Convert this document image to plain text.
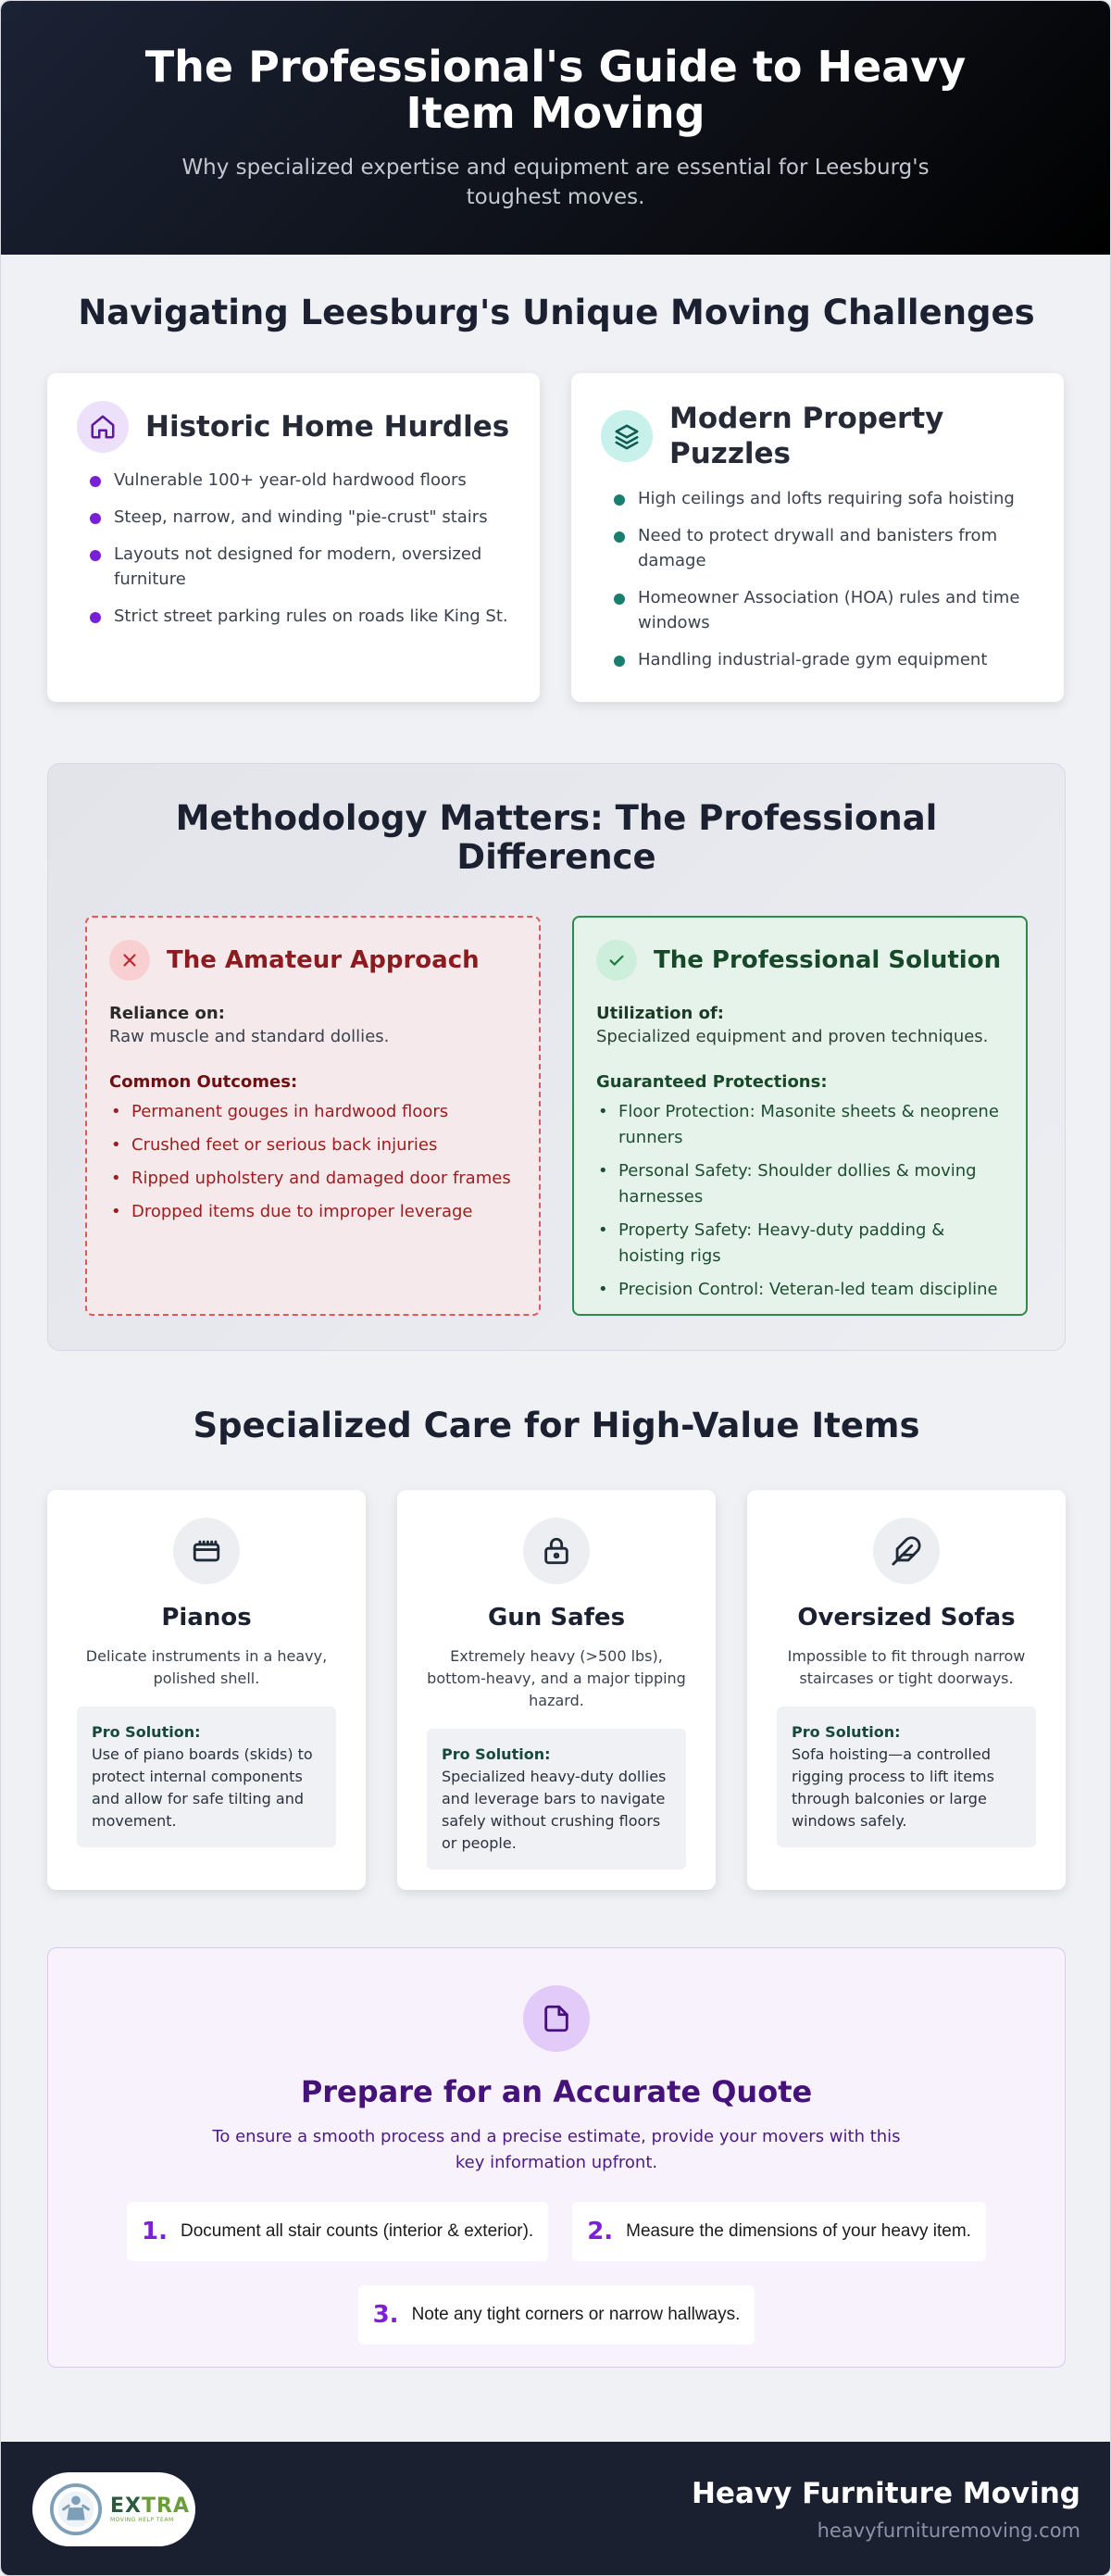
The Professional's Guide to Heavy Item Moving

Why specialized expertise and equipment are essential for Leesburg's toughest moves.

Navigating Leesburg's Unique Moving Challenges
Historic Home Hurdles
Vulnerable 100+ year-old hardwood floors
Steep, narrow, and winding "pie-crust" stairs
Layouts not designed for modern, oversized furniture
Strict street parking rules on roads like King St.
Modern Property Puzzles
High ceilings and lofts requiring sofa hoisting
Need to protect drywall and banisters from damage
Homeowner Association (HOA) rules and time windows
Handling industrial-grade gym equipment
Methodology Matters: The Professional Difference
The Amateur Approach
Reliance on:
Raw muscle and standard dollies.
Common Outcomes:
• Permanent gouges in hardwood floors
• Crushed feet or serious back injuries
• Ripped upholstery and damaged door frames
• Dropped items due to improper leverage
The Professional Solution
Utilization of:
Specialized equipment and proven techniques.
Guaranteed Protections:
• Floor Protection: Masonite sheets & neoprene runners
• Personal Safety: Shoulder dollies & moving harnesses
• Property Safety: Heavy-duty padding & hoisting rigs
• Precision Control: Veteran-led team discipline
Specialized Care for High-Value Items
Pianos
Delicate instruments in a heavy, polished shell.
Pro Solution:
Use of piano boards (skids) to protect internal components and allow for safe tilting and movement.
Gun Safes
Extremely heavy (>500 lbs), bottom-heavy, and a major tipping hazard.
Pro Solution:
Specialized heavy-duty dollies and leverage bars to navigate safely without crushing floors or people.
Oversized Sofas
Impossible to fit through narrow staircases or tight doorways.
Pro Solution:
Sofa hoisting—a controlled rigging process to lift items through balconies or large windows safely.
Prepare for an Accurate Quote

To ensure a smooth process and a precise estimate, provide your movers with this key information upfront.

1. Document all stair counts (interior & exterior). 2. Measure the dimensions of your heavy item.
3. Note any tight corners or narrow hallways.
EXTRA
MOVING HELP TEAM
Heavy Furniture Moving
heavyfurnituremoving.com
